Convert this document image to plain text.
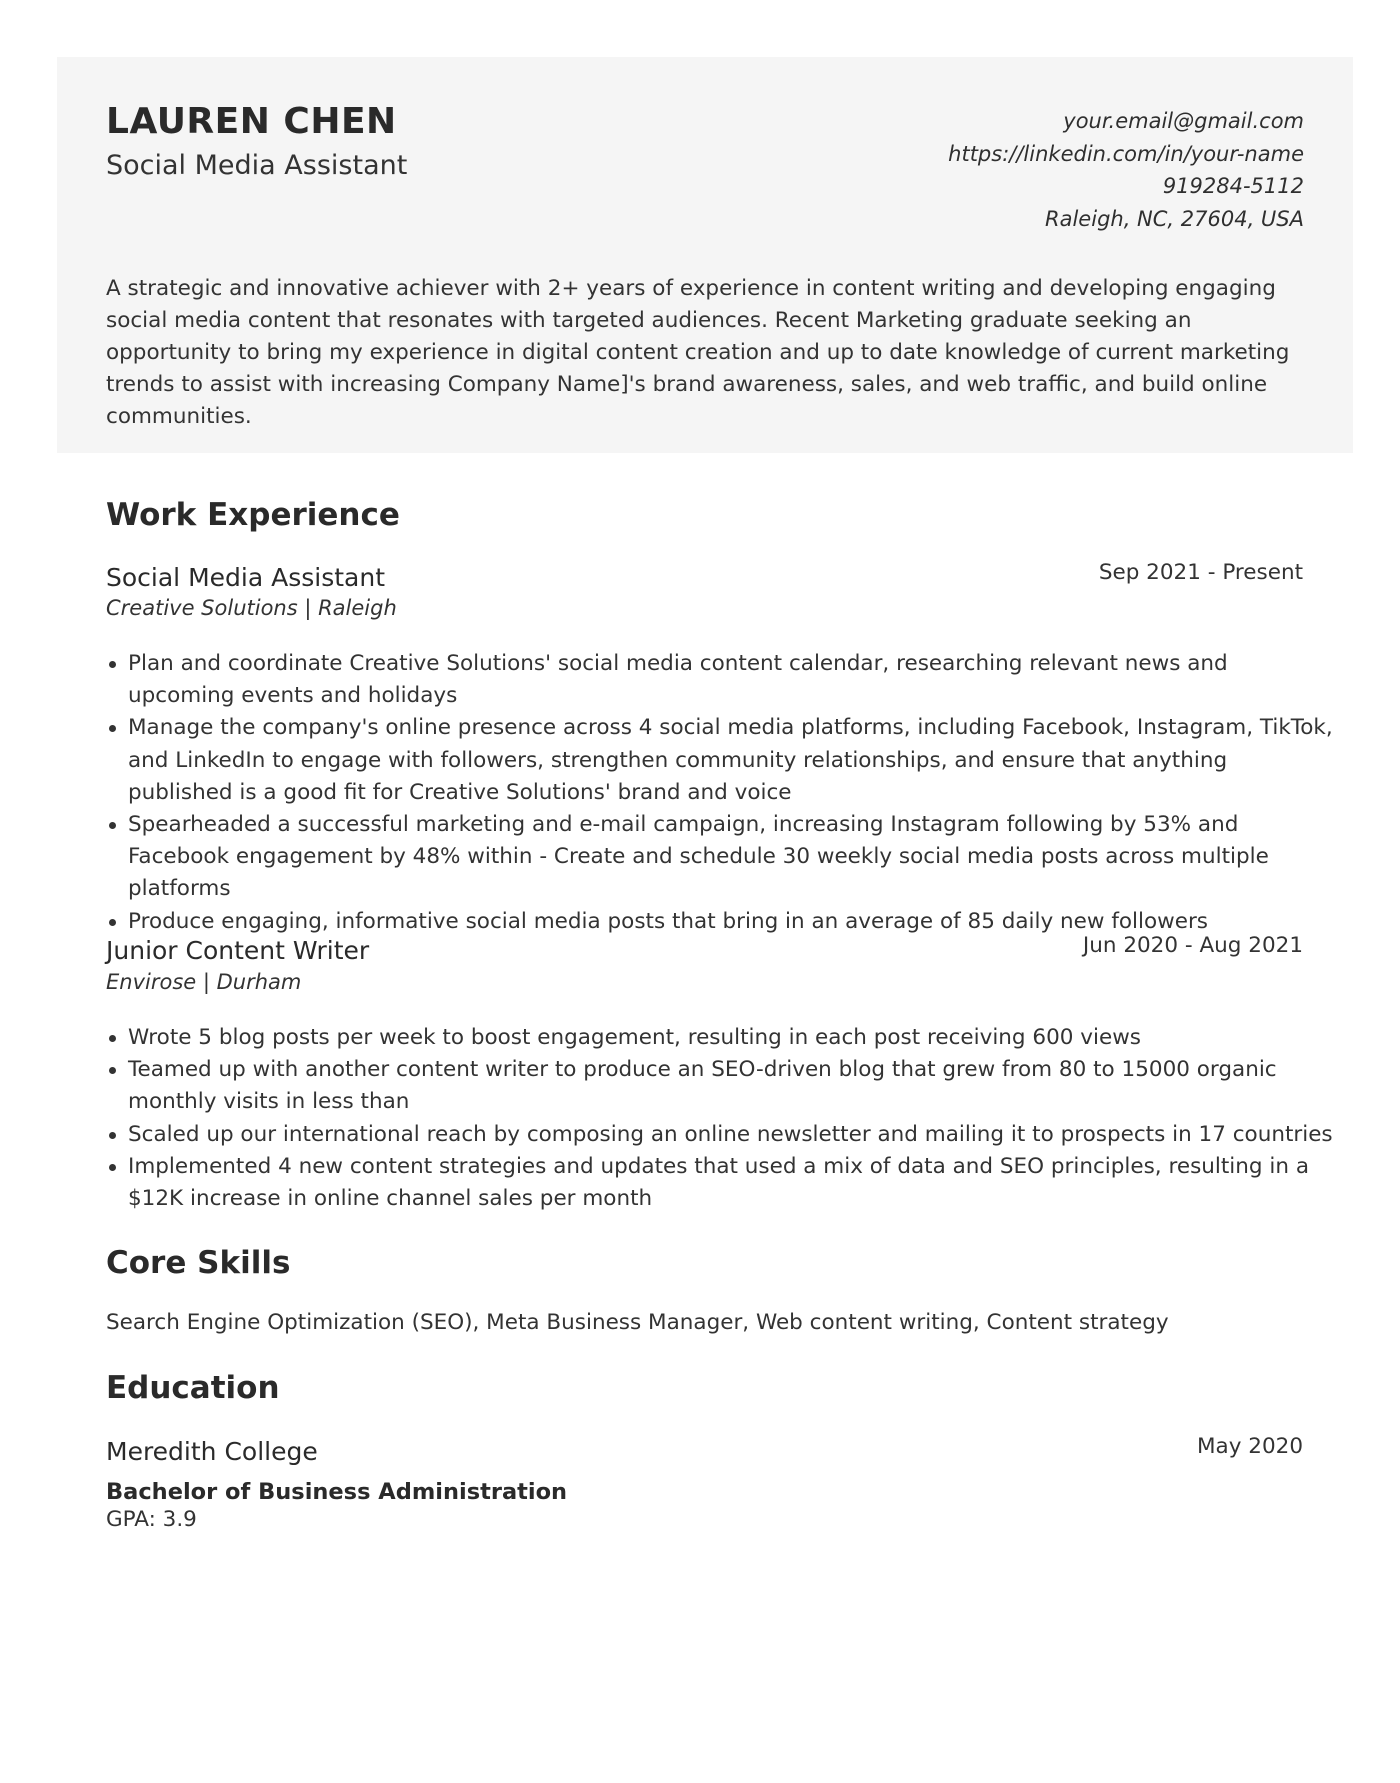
LAUREN CHEN
Social Media Assistant
your.email@gmail.com
https://linkedin.com/in/your-name
919284-5112
Raleigh, NC, 27604, USA

A strategic and innovative achiever with 2+ years of experience in content writing and developing engaging social media content that resonates with targeted audiences. Recent Marketing graduate seeking an opportunity to bring my experience in digital content creation and up to date knowledge of current marketing trends to assist with increasing Company Name]'s brand awareness, sales, and web traffic, and build online communities.

Work Experience
Social Media Assistant	Sep 2021 - Present
Creative Solutions | Raleigh
Plan and coordinate Creative Solutions' social media content calendar, researching relevant news and upcoming events and holidays
Manage the company's online presence across 4 social media platforms, including Facebook, Instagram, TikTok, and LinkedIn to engage with followers, strengthen community relationships, and ensure that anything published is a good fit for Creative Solutions' brand and voice
Spearheaded a successful marketing and e-mail campaign, increasing Instagram following by 53% and Facebook engagement by 48% within - Create and schedule 30 weekly social media posts across multiple platforms
Produce engaging, informative social media posts that bring in an average of 85 daily new followers
Junior Content Writer	Jun 2020 - Aug 2021
Envirose | Durham
Wrote 5 blog posts per week to boost engagement, resulting in each post receiving 600 views
Teamed up with another content writer to produce an SEO-driven blog that grew from 80 to 15000 organic monthly visits in less than
Scaled up our international reach by composing an online newsletter and mailing it to prospects in 17 countries
Implemented 4 new content strategies and updates that used a mix of data and SEO principles, resulting in a $12K increase in online channel sales per month
Core Skills
Search Engine Optimization (SEO), Meta Business Manager, Web content writing, Content strategy
Education
Meredith College	May 2020
Bachelor of Business Administration
GPA: 3.9
